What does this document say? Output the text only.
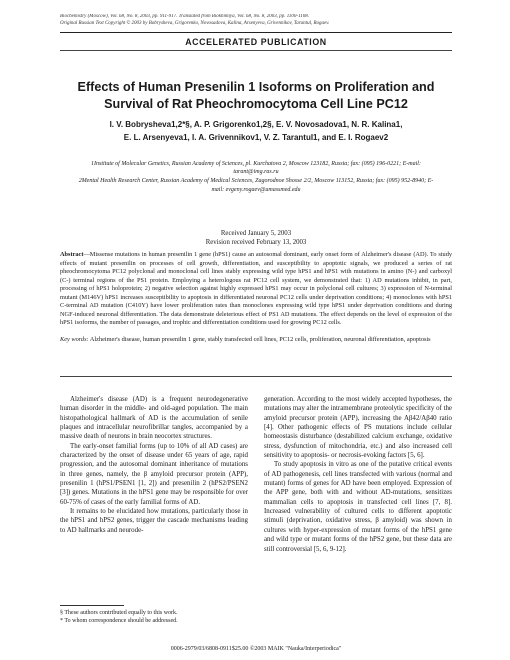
Biochemistry (Moscow), Vol. 68, No. 8, 2003, pp. 911-917. Translated from Biokhimiya, Vol. 68, No. 8, 2003, pp. 1100-1108.
Original Russian Text Copyright © 2003 by Bobrysheva, Grigorenko, Novosadova, Kalina, Arsenyeva, Grivennikov, Tarantul, Rogaev.
ACCELERATED PUBLICATION
Effects of Human Presenilin 1 Isoforms on Proliferation and Survival of Rat Pheochromocytoma Cell Line PC12
I. V. Bobrysheva1,2*§, A. P. Grigorenko1,2§, E. V. Novosadova1, N. R. Kalina1,
E. L. Arsenyeva1, I. A. Grivennikov1, V. Z. Tarantul1, and E. I. Rogaev2

1Institute of Molecular Genetics, Russian Academy of Sciences, pl. Kurchatova 2, Moscow 123182, Russia; fax: (095) 196-0221; E-mail: tarant@img.ras.ru

2Mental Health Research Center, Russian Academy of Medical Sciences, Zagorodnoe Shosse 2/2, Moscow 113152, Russia; fax: (095) 952-8940; E-mail: evgeny.rogaev@umassmed.edu

Received January 5, 2003
Revision received February 13, 2003

Abstract—Missense mutations in human presenilin 1 gene (hPS1) cause an autosomal dominant, early onset form of Alzheimer's disease (AD). To study effects of mutant presenilin on processes of cell growth, differentiation, and susceptibility to apoptotic signals, we produced a series of rat pheochromocytoma PC12 polyclonal and monoclonal cell lines stably expressing wild type hPS1 and hPS1 with mutations in amino (N-) and carboxyl (C-) terminal regions of the PS1 protein. Employing a heterologous rat PC12 cell system, we demonstrated that: 1) AD mutations inhibit, in part, processing of hPS1 holoprotein; 2) negative selection against highly expressed hPS1 may occur in polyclonal cell cultures; 3) expression of N-terminal mutant (M146V) hPS1 increases susceptibility to apoptosis in differentiated neuronal PC12 cells under deprivation conditions; 4) monoclones with hPS1 C-terminal AD mutation (C410Y) have lower proliferation rates than monoclones expressing wild type hPS1 under deprivation conditions and during NGF-induced neuronal differentiation. The data demonstrate deleterious effect of PS1 AD mutations. The effect depends on the level of expression of the hPS1 isoforms, the number of passages, and trophic and differentiation conditions used for growing PC12 cells.

Key words: Alzheimer's disease, human presenilin 1 gene, stably transfected cell lines, PC12 cells, proliferation, neuronal differentiation, apoptosis

Alzheimer's disease (AD) is a frequent neurodegenerative human disorder in the middle- and old-aged population. The main histopathological hallmark of AD is the accumulation of senile plaques and intracellular neurofibrillar tangles, accompanied by a massive death of neurons in brain neocortex structures.

The early-onset familial forms (up to 10% of all AD cases) are characterized by the onset of disease under 65 years of age, rapid progression, and the autosomal dominant inheritance of mutations in three genes, namely, the β amyloid precursor protein (APP), presenilin 1 (hPS1/PSEN1 [1, 2]) and presenilin 2 (hPS2/PSEN2 [3]) genes. Mutations in the hPS1 gene may be responsible for over 60-75% of cases of the early familial forms of AD.

It remains to be elucidated how mutations, particularly those in the hPS1 and hPS2 genes, trigger the cascade mechanisms leading to AD hallmarks and neurode-

generation. According to the most widely accepted hypotheses, the mutations may alter the intramembrane proteolytic specificity of the amyloid precursor protein (APP), increasing the Aβ42/Aβ40 ratio [4]. Other pathogenic effects of PS mutations include cellular homeostasis disturbance (destabilized calcium exchange, oxidative stress, dysfunction of mitochondria, etc.) and also increased cell sensitivity to apoptosis- or necrosis-evoking factors [5, 6].

To study apoptosis in vitro as one of the putative critical events of AD pathogenesis, cell lines transfected with various (normal and mutant) forms of genes for AD have been employed. Expression of the APP gene, both with and without AD-mutations, sensitizes mammalian cells to apoptosis in transfected cell lines [7, 8]. Increased vulnerability of cultured cells to different apoptotic stimuli (deprivation, oxidative stress, β amyloid) was shown in cultures with hyper-expression of mutant forms of the hPS1 gene and wild type or mutant forms of the hPS2 gene, but these data are still controversial [5, 6, 9-12].

§ These authors contributed equally to this work.
* To whom correspondence should be addressed.
0006-2979/03/6808-0911$25.00 ©2003 MAIK "Nauka/Interperiodica"
